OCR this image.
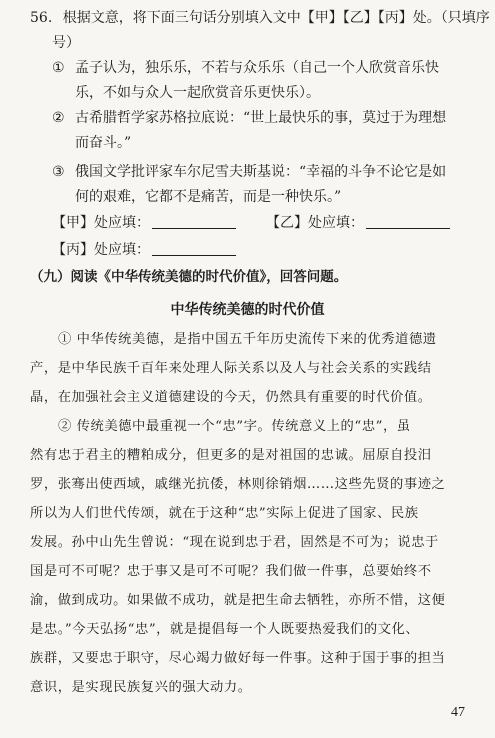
56. 根据文意，将下面三句话分别填入文中【甲】【乙】【丙】处。（只填序
号）
① 孟子认为，独乐乐，不若与众乐乐（自己一个人欣赏音乐快
乐，不如与众人一起欣赏音乐更快乐）。
② 古希腊哲学家苏格拉底说：“世上最快乐的事，莫过于为理想
而奋斗。”
③ 俄国文学批评家车尔尼雪夫斯基说：“幸福的斗争不论它是如
何的艰难，它都不是痛苦，而是一种快乐。”
【甲】处应填：	【乙】处应填：
【丙】处应填：
（九）阅读《中华传统美德的时代价值》，回答问题。
中华传统美德的时代价值
① 中华传统美德，是指中国五千年历史流传下来的优秀道德遗
产，是中华民族千百年来处理人际关系以及人与社会关系的实践结
晶，在加强社会主义道德建设的今天，仍然具有重要的时代价值。
② 传统美德中最重视一个“忠”字。传统意义上的“忠”，虽
然有忠于君主的糟粕成分，但更多的是对祖国的忠诚。屈原自投汨
罗，张骞出使西域，戚继光抗倭，林则徐销烟……这些先贤的事迹之
所以为人们世代传颂，就在于这种“忠”实际上促进了国家、民族
发展。孙中山先生曾说：“现在说到忠于君，固然是不可为；说忠于
国是可不可呢？忠于事又是可不可呢？我们做一件事，总要始终不
渝，做到成功。如果做不成功，就是把生命去牺牲，亦所不惜，这便
是忠。”今天弘扬“忠”，就是提倡每一个人既要热爱我们的文化、
族群，又要忠于职守，尽心竭力做好每一件事。这种于国于事的担当
意识，是实现民族复兴的强大动力。
47
